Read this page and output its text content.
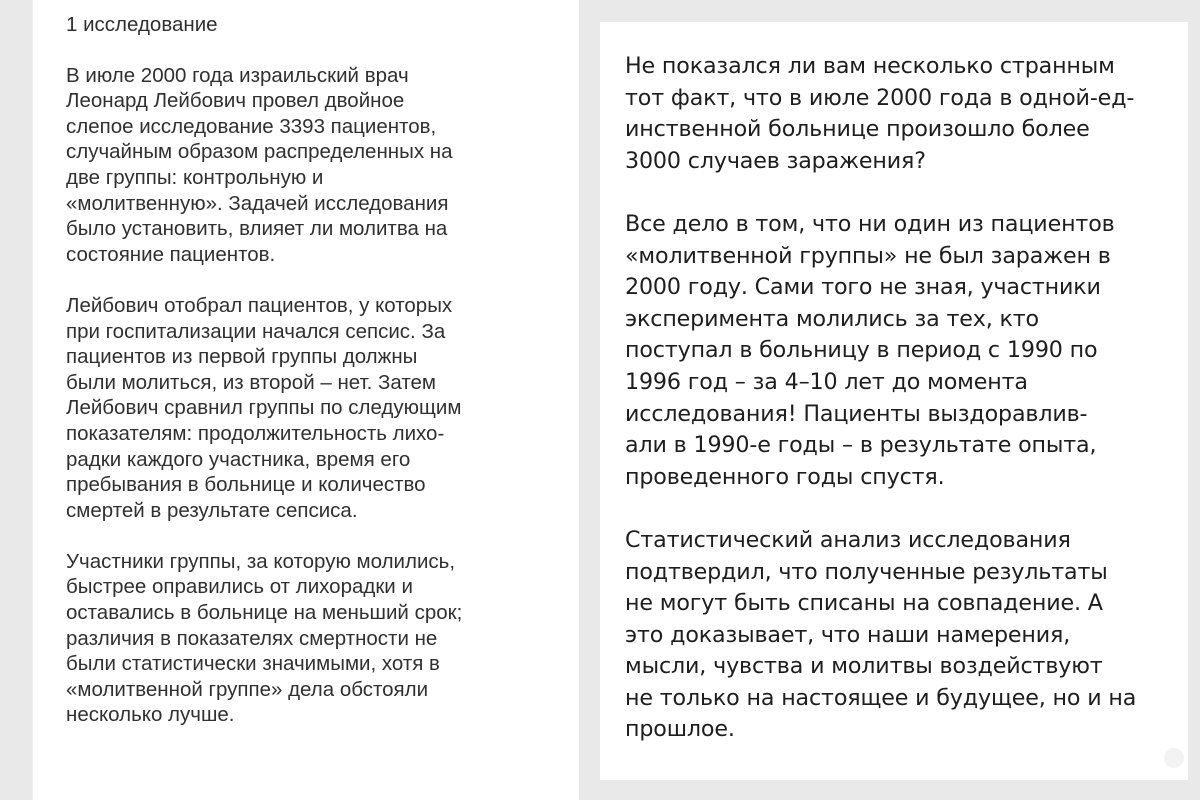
1 исследование
В июле 2000 года израильский врач
Леонард Лейбович провел двойное
слепое исследование 3393 пациентов,
случайным образом распределенных на
две группы: контрольную и
«молитвенную». Задачей исследования
было установить, влияет ли молитва на
состояние пациентов.
Лейбович отобрал пациентов, у которых
при госпитализации начался сепсис. За
пациентов из первой группы должны
были молиться, из второй – нет. Затем
Лейбович сравнил группы по следующим
показателям: продолжительность лихо-
радки каждого участника, время его
пребывания в больнице и количество
смертей в результате сепсиса.
Участники группы, за которую молились,
быстрее оправились от лихорадки и
оставались в больнице на меньший срок;
различия в показателях смертности не
были статистически значимыми, хотя в
«молитвенной группе» дела обстояли
несколько лучше.
Не показался ли вам несколько странным
тот факт, что в июле 2000 года в одной-ед-
инственной больнице произошло более
3000 случаев заражения?
Все дело в том, что ни один из пациентов
«молитвенной группы» не был заражен в
2000 году. Сами того не зная, участники
эксперимента молились за тех, кто
поступал в больницу в период с 1990 по
1996 год – за 4–10 лет до момента
исследования! Пациенты выздоравлив-
али в 1990-е годы – в результате опыта,
проведенного годы спустя.
Статистический анализ исследования
подтвердил, что полученные результаты
не могут быть списаны на совпадение. А
это доказывает, что наши намерения,
мысли, чувства и молитвы воздействуют
не только на настоящее и будущее, но и на
прошлое.
